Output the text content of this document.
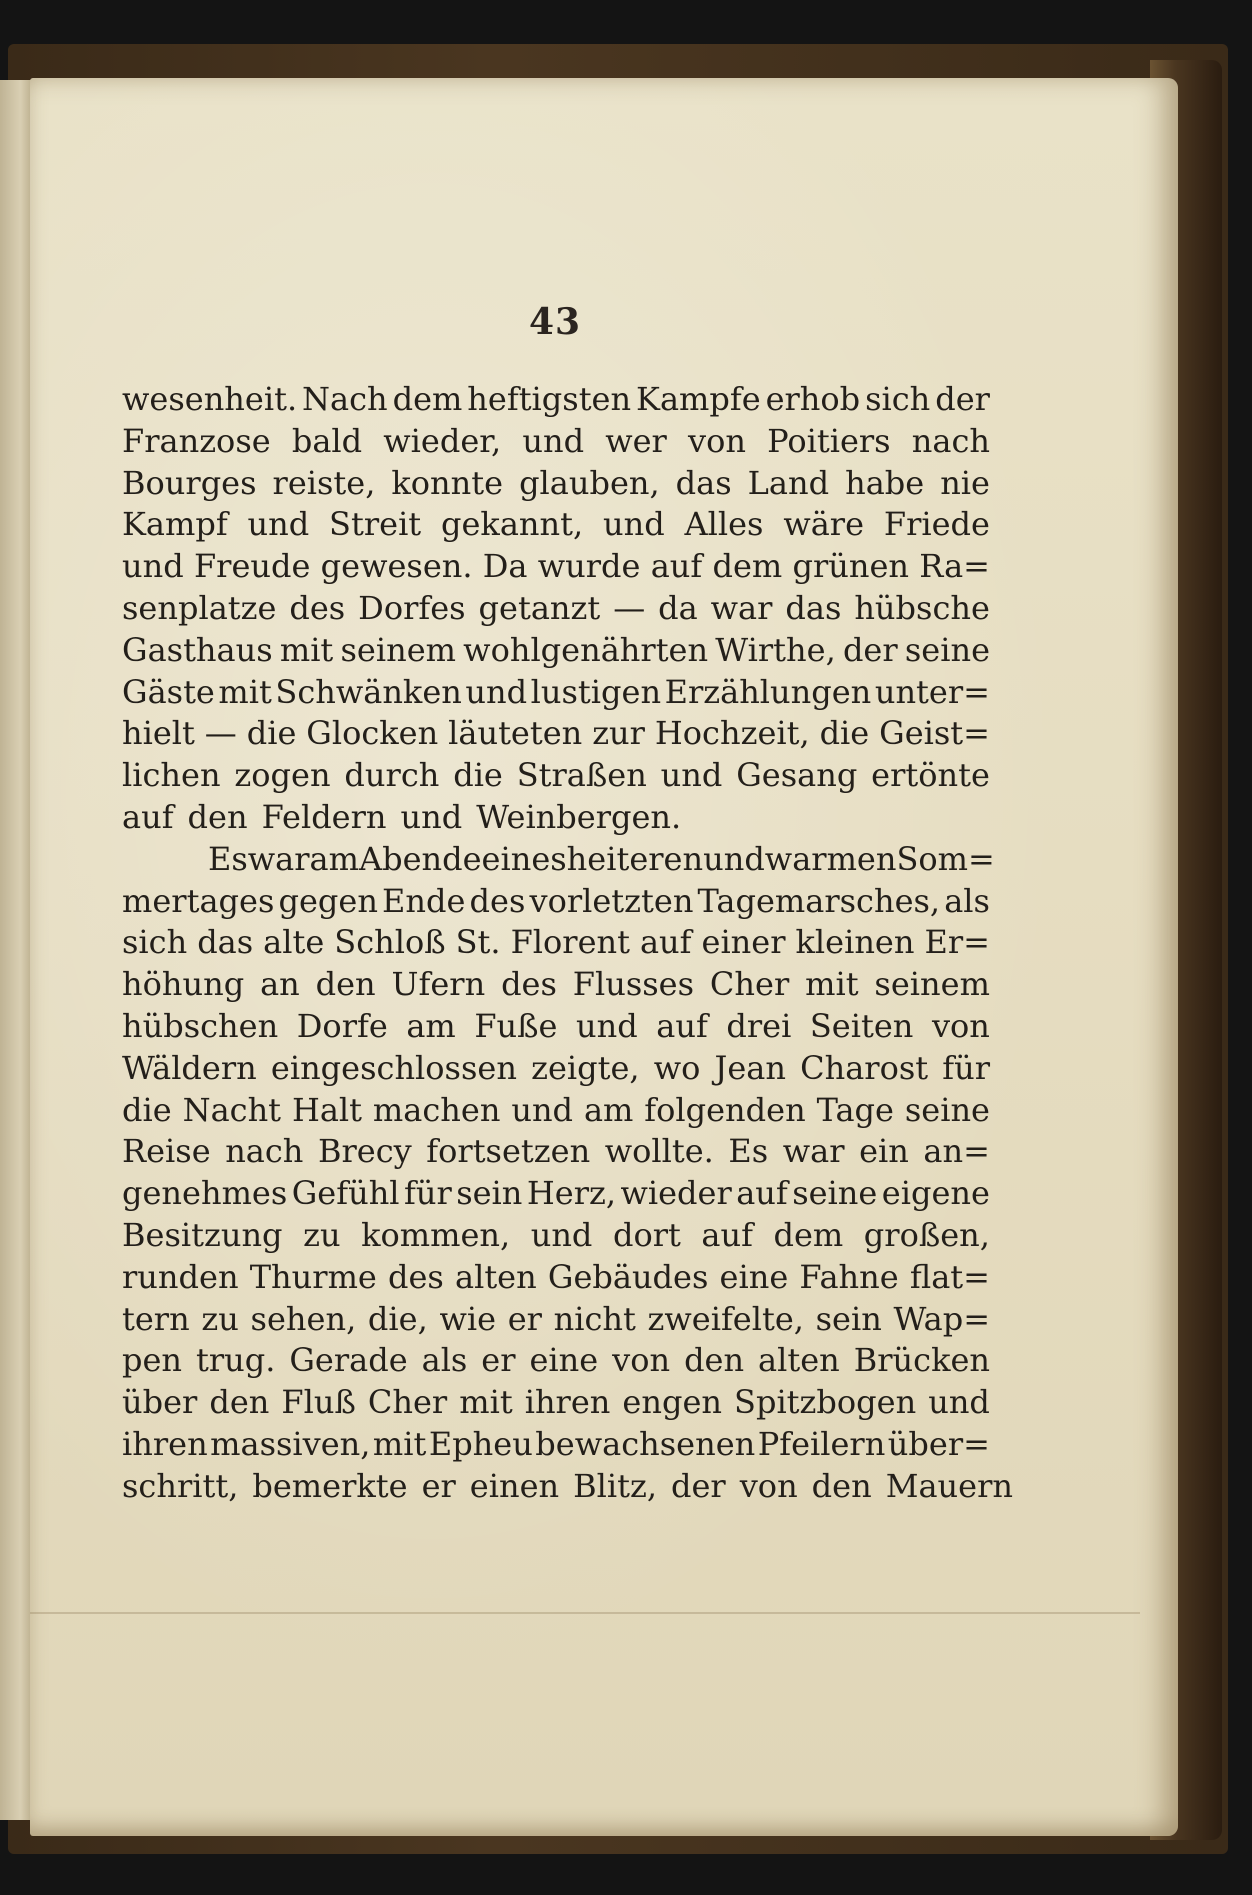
43
wesenheit. Nach dem heftigsten Kampfe erhob sich der
Franzose bald wieder, und wer von Poitiers nach
Bourges reiste, konnte glauben, das Land habe nie
Kampf und Streit gekannt, und Alles wäre Friede
und Freude gewesen. Da wurde auf dem grünen Ra=
senplatze des Dorfes getanzt — da war das hübsche
Gasthaus mit seinem wohlgenährten Wirthe, der seine
Gäste mit Schwänken und lustigen Erzählungen unter=
hielt — die Glocken läuteten zur Hochzeit, die Geist=
lichen zogen durch die Straßen und Gesang ertönte
auf den Feldern und Weinbergen.
Es war am Abende eines heiteren und warmen Som=
mertages gegen Ende des vorletzten Tagemarsches, als
sich das alte Schloß St. Florent auf einer kleinen Er=
höhung an den Ufern des Flusses Cher mit seinem
hübschen Dorfe am Fuße und auf drei Seiten von
Wäldern eingeschlossen zeigte, wo Jean Charost für
die Nacht Halt machen und am folgenden Tage seine
Reise nach Brecy fortsetzen wollte. Es war ein an=
genehmes Gefühl für sein Herz, wieder auf seine eigene
Besitzung zu kommen, und dort auf dem großen,
runden Thurme des alten Gebäudes eine Fahne flat=
tern zu sehen, die, wie er nicht zweifelte, sein Wap=
pen trug. Gerade als er eine von den alten Brücken
über den Fluß Cher mit ihren engen Spitzbogen und
ihren massiven, mit Epheu bewachsenen Pfeilern über=
schritt, bemerkte er einen Blitz, der von den Mauern
